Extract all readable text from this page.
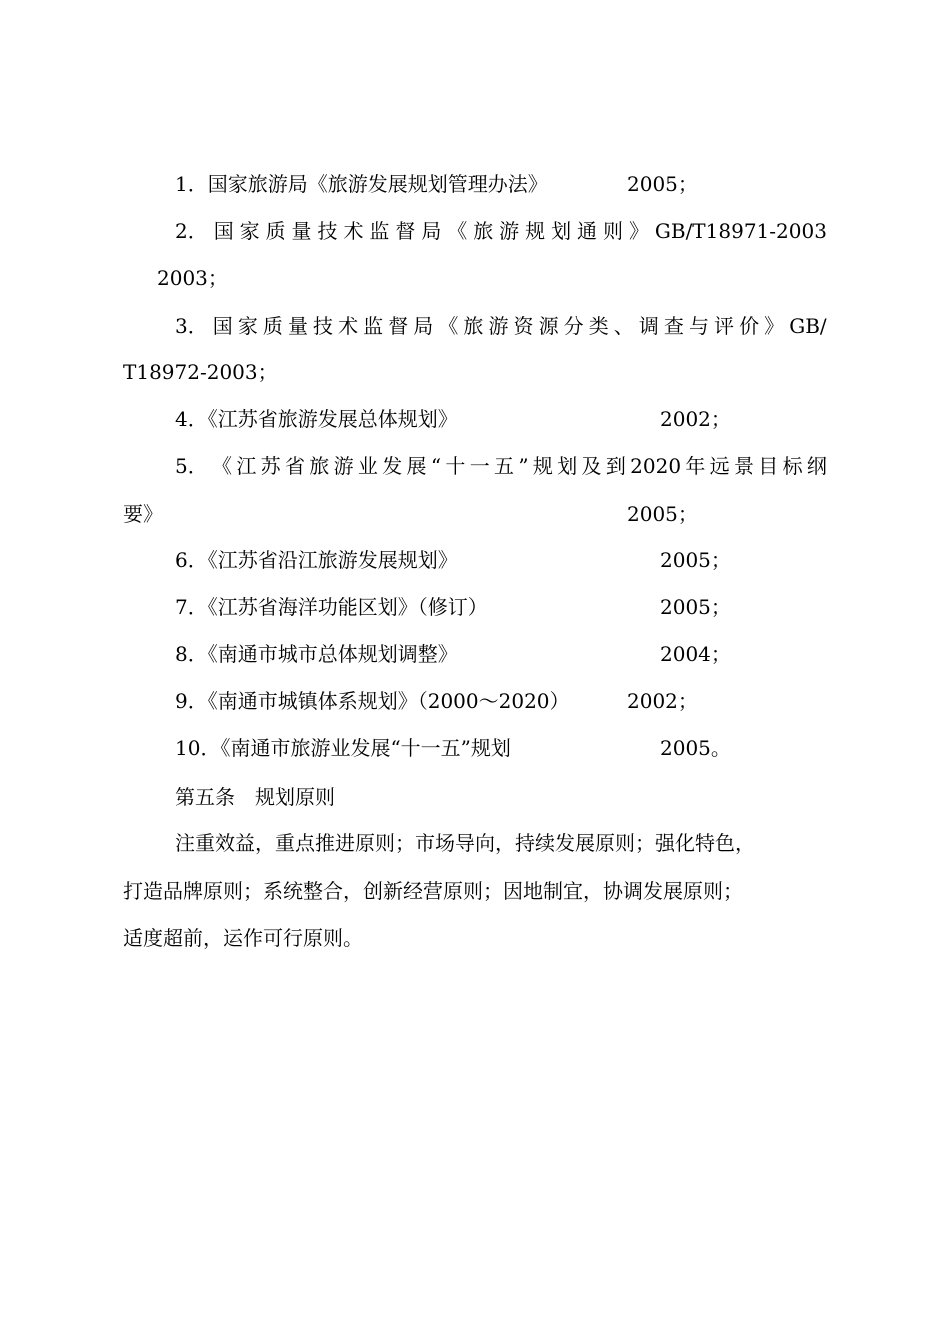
1．国家旅游局《旅游发展规划管理办法》	2005；
2． 国 家 质 量 技 术 监 督 局 《 旅 游 规 划 通 则 》 GB/T18971-2003
2003；
3． 国 家 质 量 技 术 监 督 局 《 旅 游 资 源 分 类 、 调 查 与 评 价 》 GB/
T18972-2003；
4．《江苏省旅游发展总体规划》	2002；
5． 《 江 苏 省 旅 游 业 发 展 “ 十 一 五 ” 规 划 及 到 2020 年 远 景 目 标 纲
要》	2005；
6．《江苏省沿江旅游发展规划》	2005；
7．《江苏省海洋功能区划》（修订）	2005；
8．《南通市城市总体规划调整》	2004；
9．《南通市城镇体系规划》（2000～2020）	2002；
10．《南通市旅游业发展“十一五”规划	2005。
第五条　规划原则
注重效益，重点推进原则；市场导向，持续发展原则；强化特色，
打造品牌原则；系统整合，创新经营原则；因地制宜，协调发展原则；
适度超前，运作可行原则。
